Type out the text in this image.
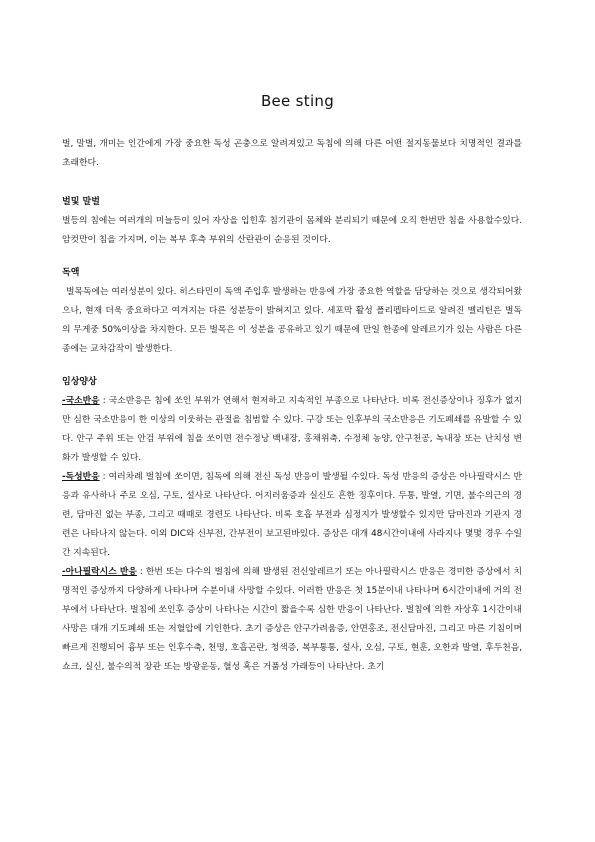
Bee sting

벌, 말벌, 개미는 인간에게 가장 중요한 독성 곤충으로 알려져있고 독침에 의해 다른 어떤 절지동물보다 치명적인 결과를 초래한다.

벌및 말벌

벌등의 침에는 여러개의 미늘등이 있어 자상을 입힌후 침기관이 몸체와 분리되기 때문에 오직 한번만 침을 사용할수있다. 암컷만이 침을 가지며, 이는 복부 후측 부위의 산란관이 순응된 것이다.

독액

벌목독에는 여러성분이 있다. 히스타민이 독액 주입후 발생하는 반응에 가장 중요한 역할을 담당하는 것으로 생각되어왔으나, 현재 더욱 중요하다고 여겨지는 다른 성분등이 밝혀지고 있다. 세포막 활성 폴리펩타이드로 알려진 멜리틴은 벌독의 무게중 50%이상을 차지한다. 모든 벌목은 이 성분을 공유하고 있기 때문에 만일 한종에 알레르기가 있는 사람은 다른종에는 교차감작이 발생한다.

임상양상

-국소반응 : 국소반응은 침에 쏘인 부위가 연해서 현저하고 지속적인 부종으로 나타난다. 비록 전신증상이나 징후가 없지만 심한 국소반응이 한 이상의 이웃하는 관절을 침범할 수 있다. 구강 또는 인후부의 국소반응은 기도폐쇄를 유발할 수 있다. 안구 주위 또는 안검 부위에 침을 쏘이면 전수정낭 백내장, 홍채위축, 수정체 농양, 안구천공, 녹내장 또는 난치성 변화가 발생할 수 있다.

-독성반응 : 여러차례 벌침에 쏘이면, 침독에 의해 전신 독성 반응이 발생될 수있다. 독성 반응의 증상은 아나필락시스 반응과 유사하나 주로 오심, 구토, 설사로 나타난다. 어지러움증과 실신도 흔한 징후이다. 두통, 발열, 기면, 불수의근의 경련, 담마진 없는 부종, 그리고 때때로 경련도 나타난다. 비록 호흡 부전과 심정지가 발생할수 있지만 담마진과 기관지 경련은 나타나지 않는다. 이외 DIC와 신부전, 간부전이 보고된바있다. 증상은 대개 48시간이내에 사라지나 몇몇 경우 수일간 지속된다.

-아나필락시스 반응 : 한번 또는 다수의 벌침에 의해 발생된 전신알레르기 또는 아나필락시스 반응은 경미한 증상에서 치명적인 증상까지 다양하게 나타나며 수분이내 사망할 수있다. 이러한 반응은 첫 15분이내 나타나며 6시간이내에 거의 전부에서 나타난다. 벌침에 쏘인후 증상이 나타나는 시간이 짧을수록 심한 반응이 나타난다. 벌침에 의한 자상후 1시간이내 사망은 대개 기도폐쇄 또는 저혈압에 기인한다. 초기 증상은 안구가려움증, 안면홍조, 전신담마진, 그리고 마른 기침이며 빠르게 진행되어 흉부 또는 인후수축, 천명, 호흡곤란, 청색증, 복부통통, 설사, 오심, 구토, 현훈, 오한과 발열, 후두천음, 쇼크, 실신, 불수의적 장관 또는 방광운동, 혈성 혹은 거품성 가래등이 나타난다. 초기
